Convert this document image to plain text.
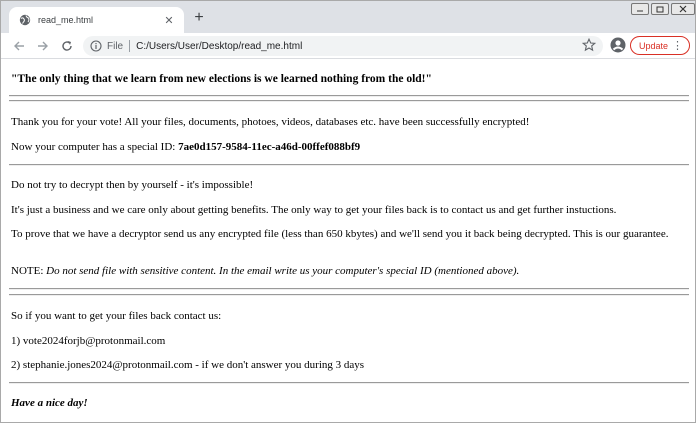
read_me.html	✕ +
File C:/Users/User/Desktop/read_me.html	Update ⋮

"The only thing that we learn from new elections is we learned nothing from the old!"

Thank you for your vote! All your files, documents, photoes, videos, databases etc. have been successfully encrypted!

Now your computer has a special ID: 7ae0d157-9584-11ec-a46d-00ffef088bf9

Do not try to decrypt then by yourself - it's impossible!

It's just a business and we care only about getting benefits. The only way to get your files back is to contact us and get further instuctions.

To prove that we have a decryptor send us any encrypted file (less than 650 kbytes) and we'll send you it back being decrypted. This is our guarantee.

NOTE: Do not send file with sensitive content. In the email write us your computer's special ID (mentioned above).

So if you want to get your files back contact us:

1) vote2024forjb@protonmail.com

2) stephanie.jones2024@protonmail.com - if we don't answer you during 3 days

Have a nice day!
